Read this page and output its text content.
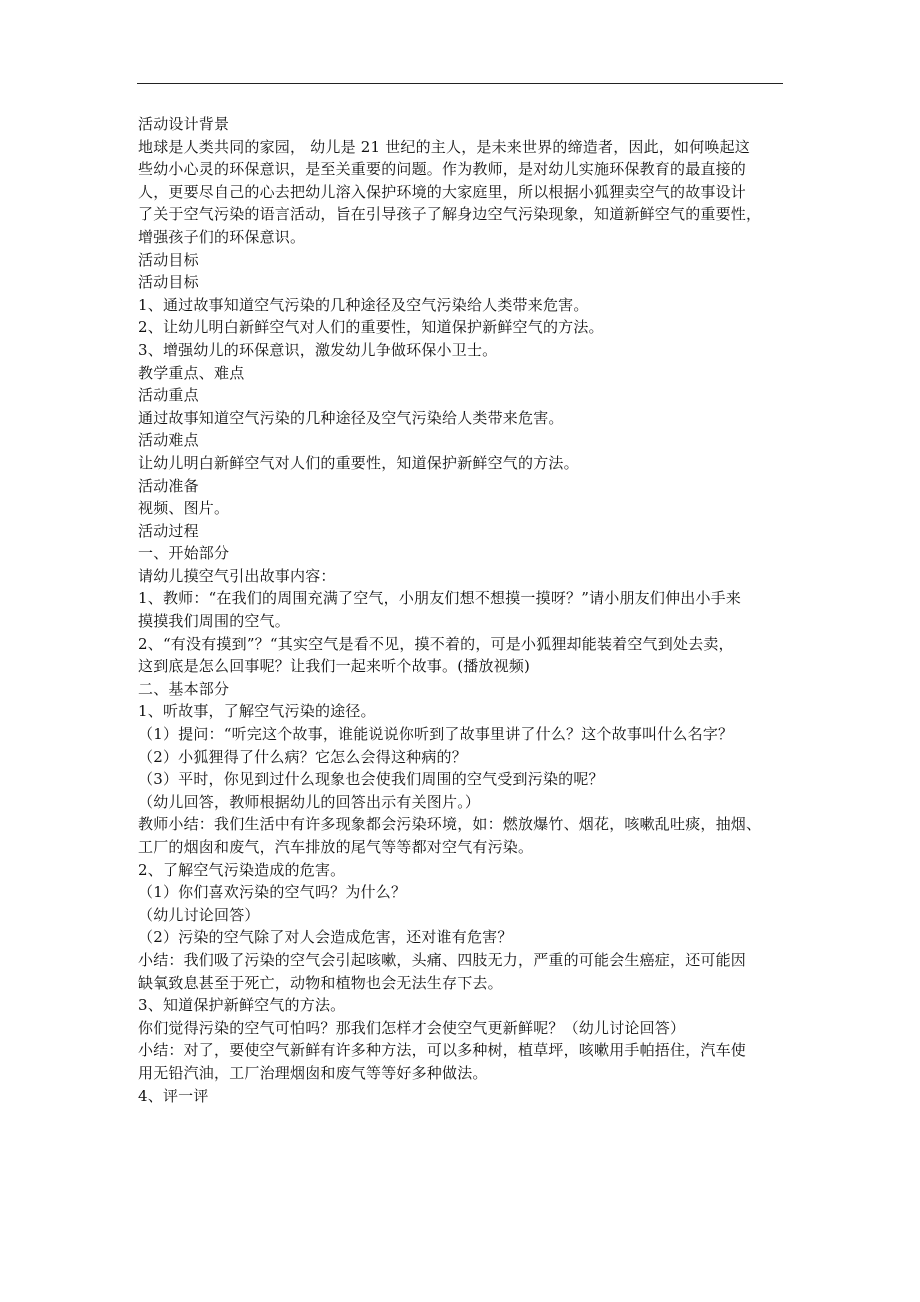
活动设计背景

地球是人类共同的家园， 幼儿是 21 世纪的主人，是未来世界的缔造者，因此，如何唤起这

些幼小心灵的环保意识，是至关重要的问题。作为教师，是对幼儿实施环保教育的最直接的

人，更要尽自己的心去把幼儿溶入保护环境的大家庭里，所以根据小狐狸卖空气的故事设计

了关于空气污染的语言活动，旨在引导孩子了解身边空气污染现象，知道新鲜空气的重要性，

增强孩子们的环保意识。

活动目标

活动目标

1、通过故事知道空气污染的几种途径及空气污染给人类带来危害。

2、让幼儿明白新鲜空气对人们的重要性，知道保护新鲜空气的方法。

3、增强幼儿的环保意识，激发幼儿争做环保小卫士。

教学重点、难点

活动重点

通过故事知道空气污染的几种途径及空气污染给人类带来危害。

活动难点

让幼儿明白新鲜空气对人们的重要性，知道保护新鲜空气的方法。

活动准备

视频、图片。

活动过程

一、开始部分

请幼儿摸空气引出故事内容：

1、教师：“在我们的周围充满了空气，小朋友们想不想摸一摸呀？”请小朋友们伸出小手来

摸摸我们周围的空气。

2、“有没有摸到”？“其实空气是看不见，摸不着的，可是小狐狸却能装着空气到处去卖，

这到底是怎么回事呢？让我们一起来听个故事。(播放视频)

二、基本部分

1、听故事，了解空气污染的途径。

（1）提问：“听完这个故事，谁能说说你听到了故事里讲了什么？这个故事叫什么名字？

（2）小狐狸得了什么病？它怎么会得这种病的？

（3）平时，你见到过什么现象也会使我们周围的空气受到污染的呢？

（幼儿回答，教师根据幼儿的回答出示有关图片。）

教师小结：我们生活中有许多现象都会污染环境，如：燃放爆竹、烟花，咳嗽乱吐痰，抽烟、

工厂的烟囱和废气，汽车排放的尾气等等都对空气有污染。

2、了解空气污染造成的危害。

（1）你们喜欢污染的空气吗？为什么？

（幼儿讨论回答）

（2）污染的空气除了对人会造成危害，还对谁有危害？

小结：我们吸了污染的空气会引起咳嗽，头痛、四肢无力，严重的可能会生癌症，还可能因

缺氧致息甚至于死亡，动物和植物也会无法生存下去。

3、知道保护新鲜空气的方法。

你们觉得污染的空气可怕吗？那我们怎样才会使空气更新鲜呢？（幼儿讨论回答）

小结：对了，要使空气新鲜有许多种方法，可以多种树，植草坪，咳嗽用手帕捂住，汽车使

用无铅汽油，工厂治理烟囱和废气等等好多种做法。

4、评一评
